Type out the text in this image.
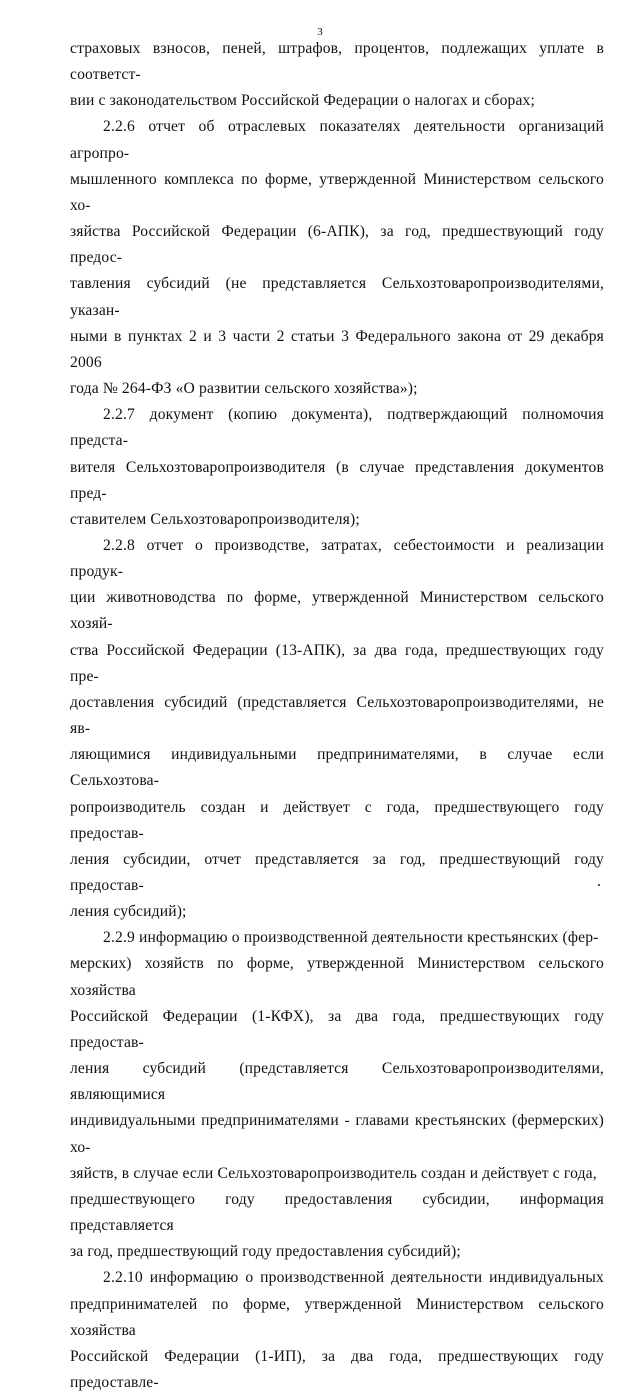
3

страховых взносов, пеней, штрафов, процентов, подлежащих уплате в соответст-
вии с законодательством Российской Федерации о налогах и сборах;

2.2.6 отчет об отраслевых показателях деятельности организаций агропро-
мышленного комплекса по форме, утвержденной Министерством сельского хо-
зяйства Российской Федерации (6-АПК), за год, предшествующий году предос-
тавления субсидий (не представляется Сельхозтоваропроизводителями, указан-
ными в пунктах 2 и 3 части 2 статьи 3 Федерального закона от 29 декабря 2006
года № 264-ФЗ «О развитии сельского хозяйства»);

2.2.7 документ (копию документа), подтверждающий полномочия предста-
вителя Сельхозтоваропроизводителя (в случае представления документов пред-
ставителем Сельхозтоваропроизводителя);

2.2.8 отчет о производстве, затратах, себестоимости и реализации продук-
ции животноводства по форме, утвержденной Министерством сельского хозяй-
ства Российской Федерации (13-АПК), за два года, предшествующих году пре-
доставления субсидий (представляется Сельхозтоваропроизводителями, не яв-
ляющимися индивидуальными предпринимателями, в случае если Сельхозтова-
ропроизводитель создан и действует с года, предшествующего году предостав-
ления субсидии, отчет представляется за год, предшествующий году предостав-
ления субсидий);

2.2.9 информацию о производственной деятельности крестьянских (фер-
мерских) хозяйств по форме, утвержденной Министерством сельского хозяйства
Российской Федерации (1-КФХ), за два года, предшествующих году предостав-
ления субсидий (представляется Сельхозтоваропроизводителями, являющимися
индивидуальными предпринимателями - главами крестьянских (фермерских) хо-
зяйств, в случае если Сельхозтоваропроизводитель создан и действует с года,
предшествующего году предоставления субсидии, информация представляется
за год, предшествующий году предоставления субсидий);

2.2.10 информацию о производственной деятельности индивидуальных
предпринимателей по форме, утвержденной Министерством сельского хозяйства
Российской Федерации (1-ИП), за два года, предшествующих году предоставле-
